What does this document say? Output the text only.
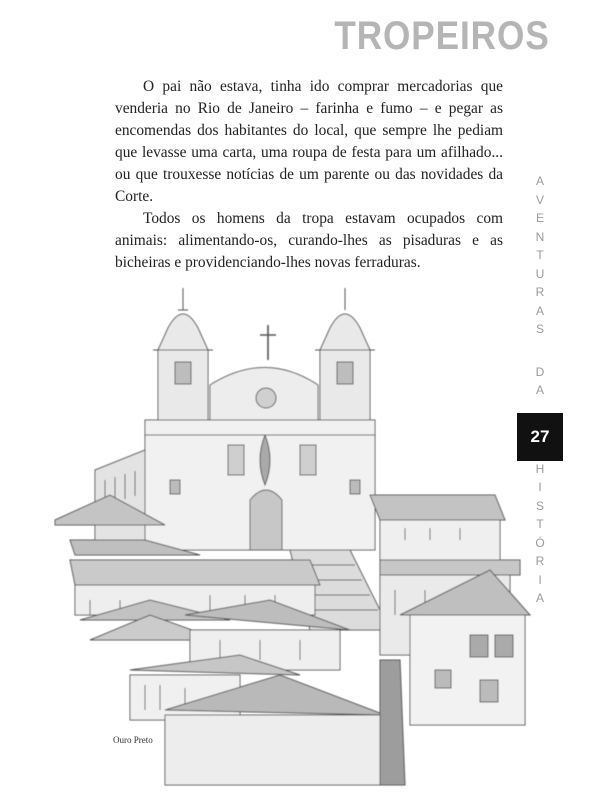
TROPEIROS

O pai não estava, tinha ido comprar mercadorias que venderia no Rio de Janeiro – farinha e fumo – e pegar as encomendas dos habitantes do local, que sempre lhe pediam que levasse uma carta, uma roupa de festa para um afilhado... ou que trouxesse notícias de um parente ou das novidades da Corte.

Todos os homens da tropa estavam ocupados com animais: alimentando-os, curando-lhes as pisaduras e as bicheiras e providenciando-lhes novas ferraduras.

A
V
E
N
T
U
R
A
S
D
A
H
I
S
T
Ó
R
I
A
27
Ouro Preto
